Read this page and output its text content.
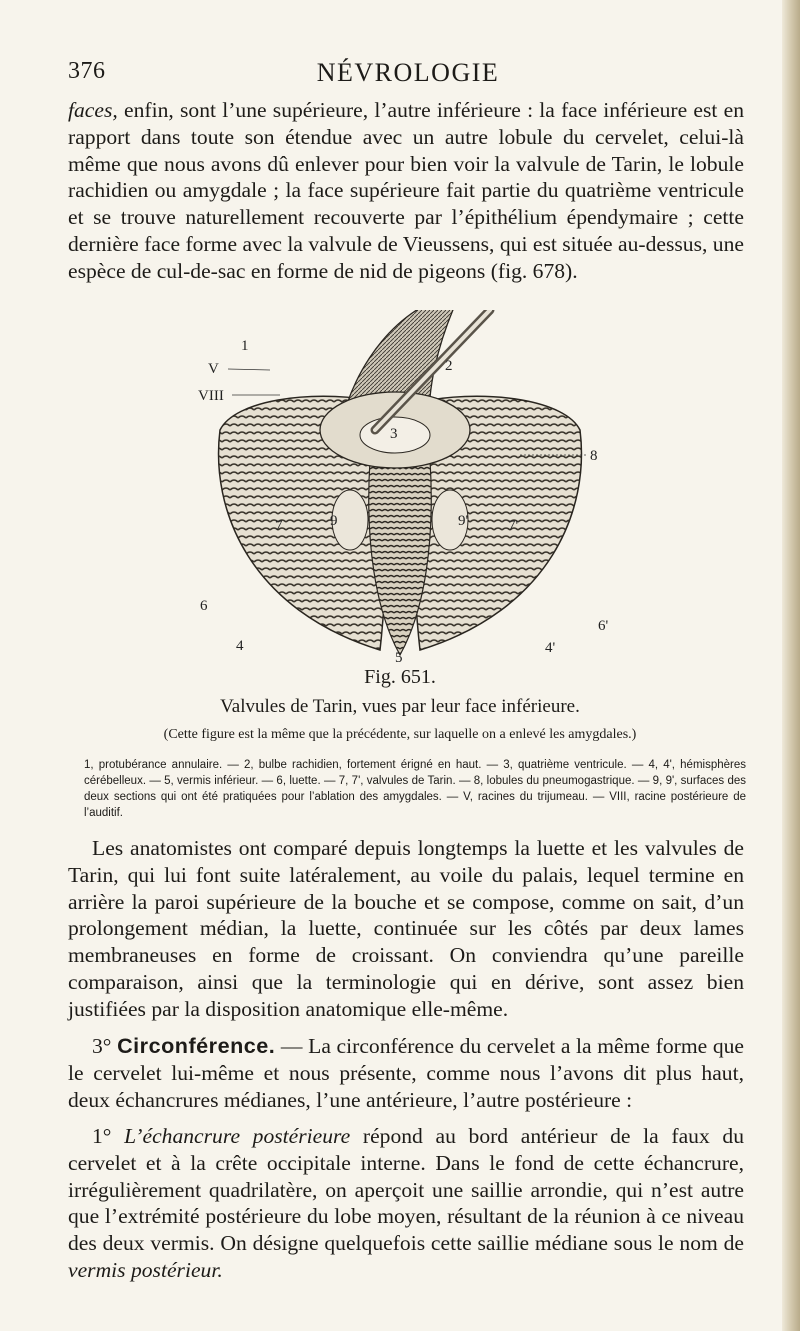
376	NÉVROLOGIE
faces, enfin, sont l’une supérieure, l’autre inférieure : la face inférieure est en rapport dans toute son étendue avec un autre lobule du cervelet, celui-là même que nous avons dû enlever pour bien voir la valvule de Tarin, le lobule rachidien ou amygdale ; la face supérieure fait partie du quatrième ventricule et se trouve naturellement recouverte par l’épithélium épendymaire ; cette dernière face forme avec la valvule de Vieussens, qui est située au-dessus, une espèce de cul-de-sac en forme de nid de pigeons (fig. 678).
1
V
VIII
8
6
4
5
4'
6'
7	7'
9	9'
3
2
Fig. 651.
Valvules de Tarin, vues par leur face inférieure.
(Cette figure est la même que la précédente, sur laquelle on a enlevé les amygdales.)
1, protubérance annulaire. — 2, bulbe rachidien, fortement érigné en haut. — 3, quatrième ventricule. — 4, 4', hémisphères cérébelleux. — 5, vermis inférieur. — 6, luette. — 7, 7', valvules de Tarin. — 8, lobules du pneumogastrique. — 9, 9', surfaces des deux sections qui ont été pratiquées pour l’ablation des amygdales. — V, racines du trijumeau. — VIII, racine postérieure de l’auditif.
Les anatomistes ont comparé depuis longtemps la luette et les valvules de Tarin, qui lui font suite latéralement, au voile du palais, lequel termine en arrière la paroi supérieure de la bouche et se compose, comme on sait, d’un prolongement médian, la luette, continuée sur les côtés par deux lames membraneuses en forme de croissant. On conviendra qu’une pareille comparaison, ainsi que la terminologie qui en dérive, sont assez bien justifiées par la disposition anatomique elle-même.
3° Circonférence. — La circonférence du cervelet a la même forme que le cervelet lui-même et nous présente, comme nous l’avons dit plus haut, deux échancrures médianes, l’une antérieure, l’autre postérieure :
1° L’échancrure postérieure répond au bord antérieur de la faux du cervelet et à la crête occipitale interne. Dans le fond de cette échancrure, irrégulièrement quadrilatère, on aperçoit une saillie arrondie, qui n’est autre que l’extrémité postérieure du lobe moyen, résultant de la réunion à ce niveau des deux vermis. On désigne quelquefois cette saillie médiane sous le nom de vermis postérieur.
